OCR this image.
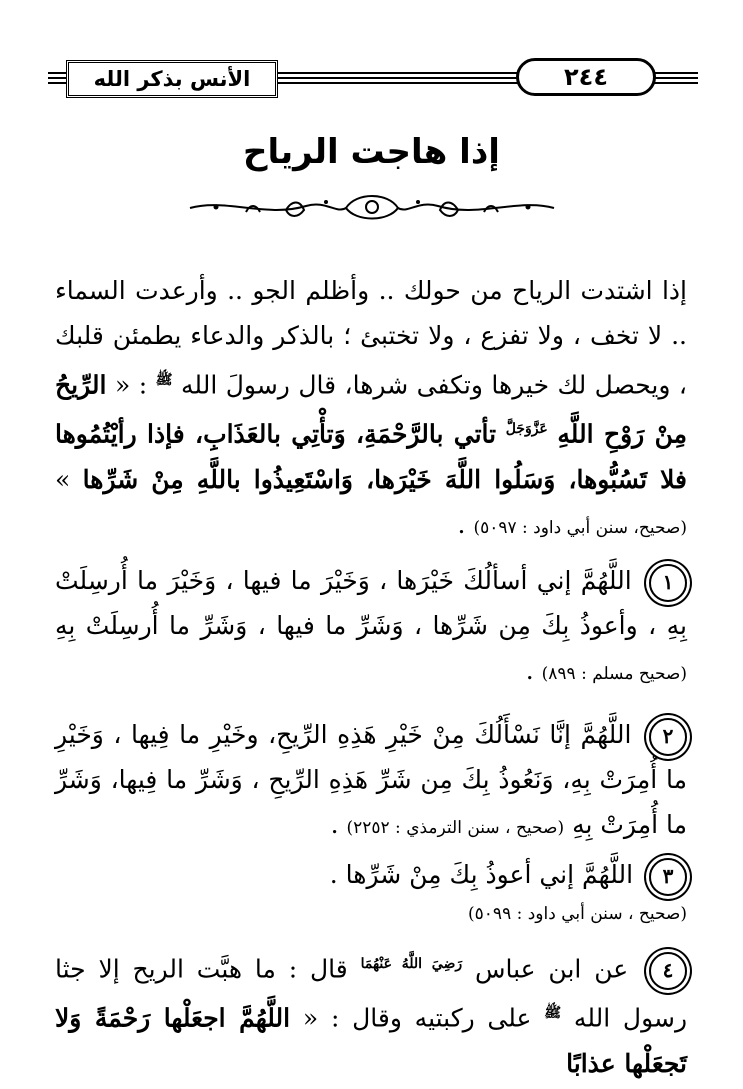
الأنس بذكر الله	٢٤٤
إذا هاجت الرياح
إذا اشتدت الرياح من حولك .. وأظلم الجو .. وأرعدت السماء .. لا تخف ، ولا تفزع ، ولا تختبئ ؛ بالذكر والدعاء يطمئن قلبك ، ويحصل لك خيرها وتكفى شرها، قال رسولَ الله $^ﷺ$ : « الرِّيحُ مِنْ رَوْحِ اللَّهِ $^{عَزَّوَجَلَّ}$ تأتي بالرَّحْمَةِ، وَتأْتِي بالعَذَابِ، فإذا رأيْتُمُوها فلا تَسُبُّوها، وَسَلُوا اللَّهَ خَيْرَها، وَاسْتَعِيذُوا باللَّهِ مِنْ شَرِّها » (صحيح، سنن أبي داود : ٥٠٩٧) .
١ اللَّهُمَّ إني أسألُكَ خَيْرَها ، وَخَيْرَ ما فيها ، وَخَيْرَ ما أُرسِلَتْ بِهِ ، وأعوذُ بِكَ مِن شَرِّها ، وَشَرِّ ما فيها ، وَشَرِّ ما أُرسِلَتْ بِهِ (صحيح مسلم : ٨٩٩) .
٢ اللَّهُمَّ إنَّا نَسْأَلُكَ مِنْ خَيْرِ هَذِهِ الرِّيحِ، وخَيْرِ ما فِيها ، وَخَيْرِ ما أُمِرَتْ بِهِ، وَنَعُوذُ بِكَ مِن شَرِّ هَذِهِ الرِّيحِ ، وَشَرِّ ما فِيها، وَشَرِّ ما أُمِرَتْ بِهِ (صحيح ، سنن الترمذي : ٢٢٥٢) .
٣ اللَّهُمَّ إني أعوذُ بِكَ مِنْ شَرِّها .
(صحيح ، سنن أبي داود : ٥٠٩٩)
٤ عن ابن عباس $^{رَضِيَ اللَّهُ عَنْهُمَا}$ قال : ما هبَّت الريح إلا جثا رسول الله $^ﷺ$ على ركبتيه وقال : « اللَّهُمَّ اجعَلْها رَحْمَةً وَلا تَجعَلْها عذابًا
